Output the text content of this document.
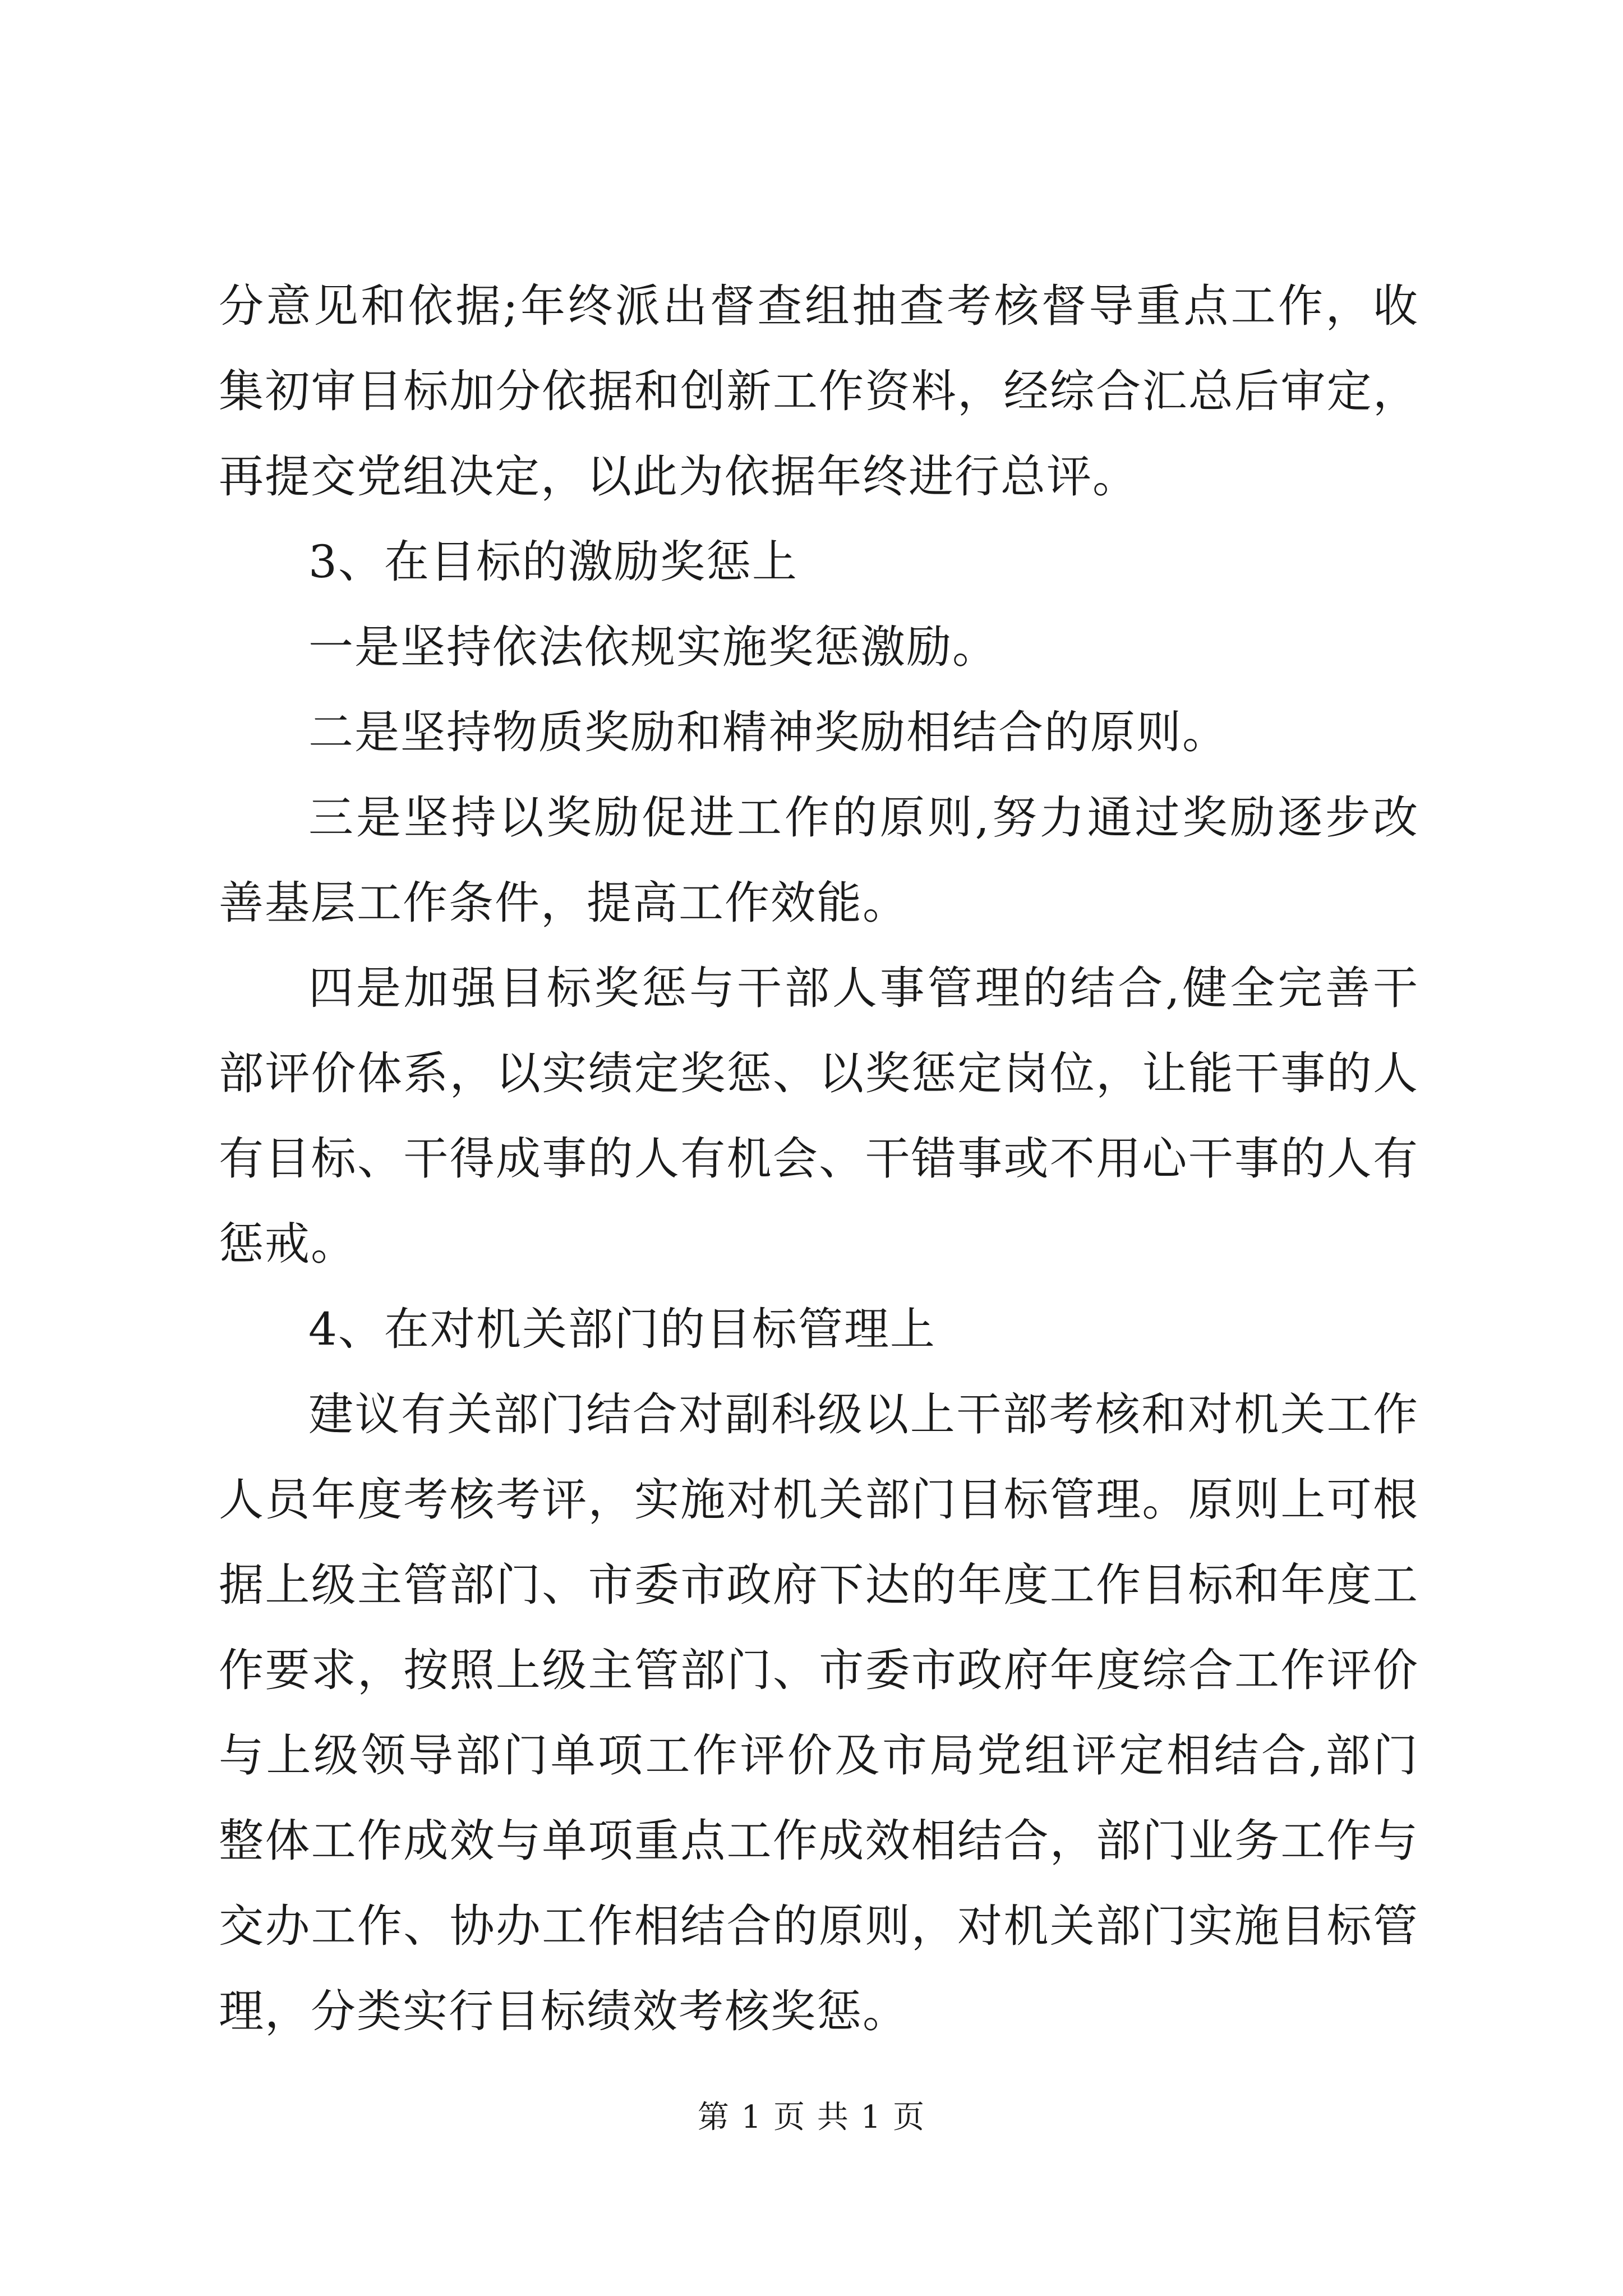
分意见和依据;年终派出督查组抽查考核督导重点工作，收集初审目标加分依据和创新工作资料，经综合汇总后审定，再提交党组决定，以此为依据年终进行总评。

3、在目标的激励奖惩上

一是坚持依法依规实施奖惩激励。

二是坚持物质奖励和精神奖励相结合的原则。

三是坚持以奖励促进工作的原则,努力通过奖励逐步改善基层工作条件，提高工作效能。

四是加强目标奖惩与干部人事管理的结合,健全完善干部评价体系，以实绩定奖惩、以奖惩定岗位，让能干事的人有目标、干得成事的人有机会、干错事或不用心干事的人有惩戒。

4、在对机关部门的目标管理上

建议有关部门结合对副科级以上干部考核和对机关工作人员年度考核考评，实施对机关部门目标管理。原则上可根据上级主管部门、市委市政府下达的年度工作目标和年度工作要求，按照上级主管部门、市委市政府年度综合工作评价与上级领导部门单项工作评价及市局党组评定相结合,部门整体工作成效与单项重点工作成效相结合，部门业务工作与交办工作、协办工作相结合的原则，对机关部门实施目标管理，分类实行目标绩效考核奖惩。

第 1 页 共 1 页
